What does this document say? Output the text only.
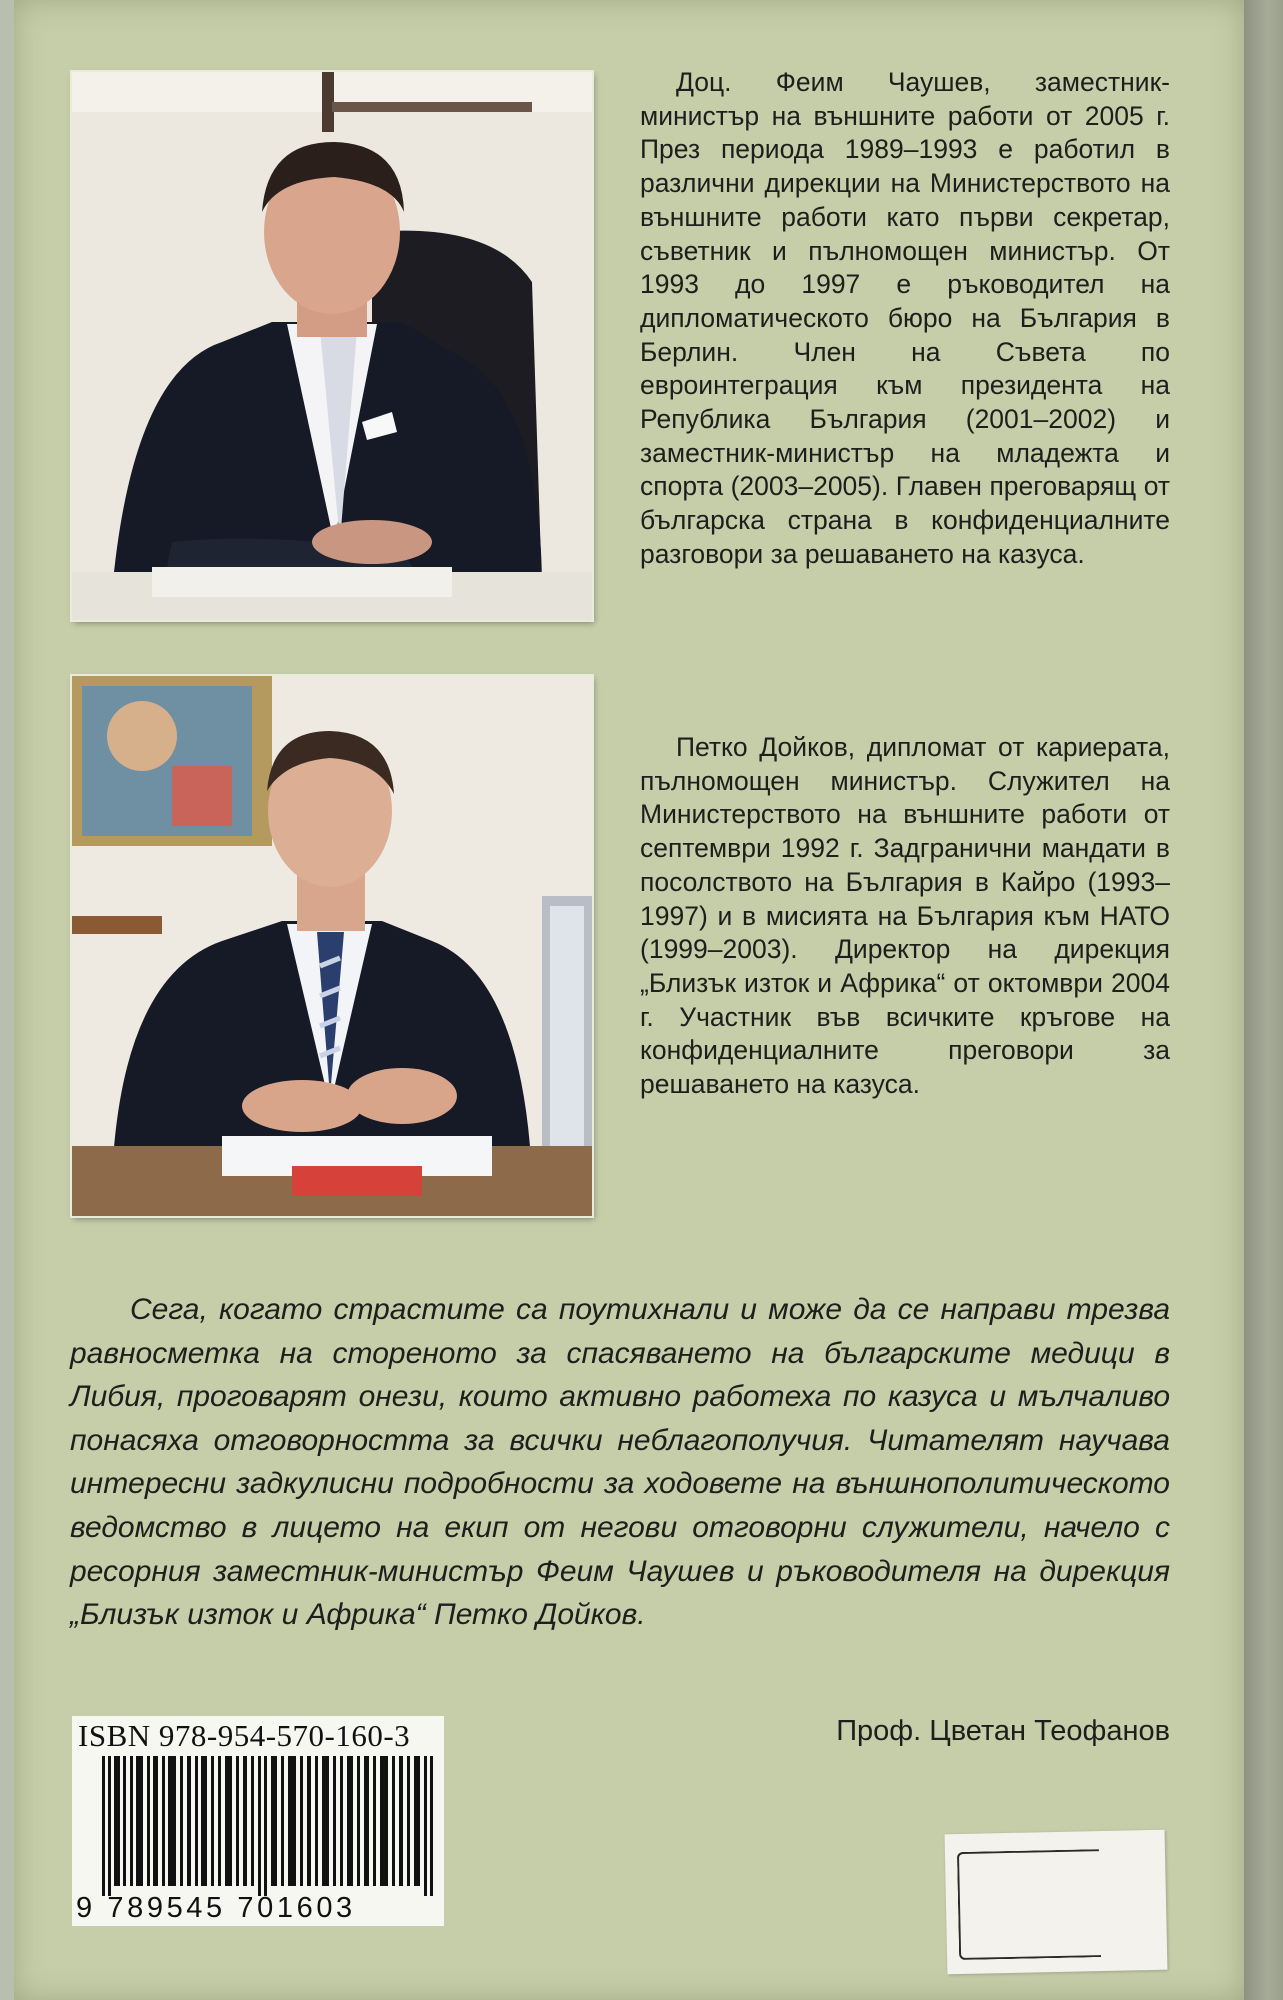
Доц. Феим Чаушев, заместник-министър на външните работи от 2005 г. През периода 1989–1993 е работил в различни дирекции на Министерството на външните работи като първи секретар, съветник и пълномощен министър. От 1993 до 1997 е ръководител на дипломатическото бюро на България в Берлин. Член на Съвета по евроинтеграция към президента на Република България (2001–2002) и заместник-министър на младежта и спорта (2003–2005). Главен преговарящ от българска страна в конфиденциалните разговори за решаването на казуса.

Петко Дойков, дипломат от кариерата, пълномощен министър. Служител на Министерството на външните работи от септември 1992 г. Задгранични мандати в посолството на България в Кайро (1993–1997) и в мисията на България към НАТО (1999–2003). Директор на дирекция „Близък изток и Африка“ от октомври 2004 г. Участник във всичките кръгове на конфиденциалните преговори за решаването на казуса.

Сега, когато страстите са поутихнали и може да се направи трезва равносметка на стореното за спасяването на българските медици в Либия, проговарят онези, които активно работеха по казуса и мълчаливо понасяха отговорността за всички неблагополучия. Читателят научава интересни задкулисни подробности за ходовете на външнополитическото ведомство в лицето на екип от негови отговорни служители, начело с ресорния заместник-министър Феим Чаушев и ръководителя на дирекция „Близък изток и Африка“ Петко Дойков.

Проф. Цветан Теофанов
ISBN 978-954-570-160-3
9 789545 701603
